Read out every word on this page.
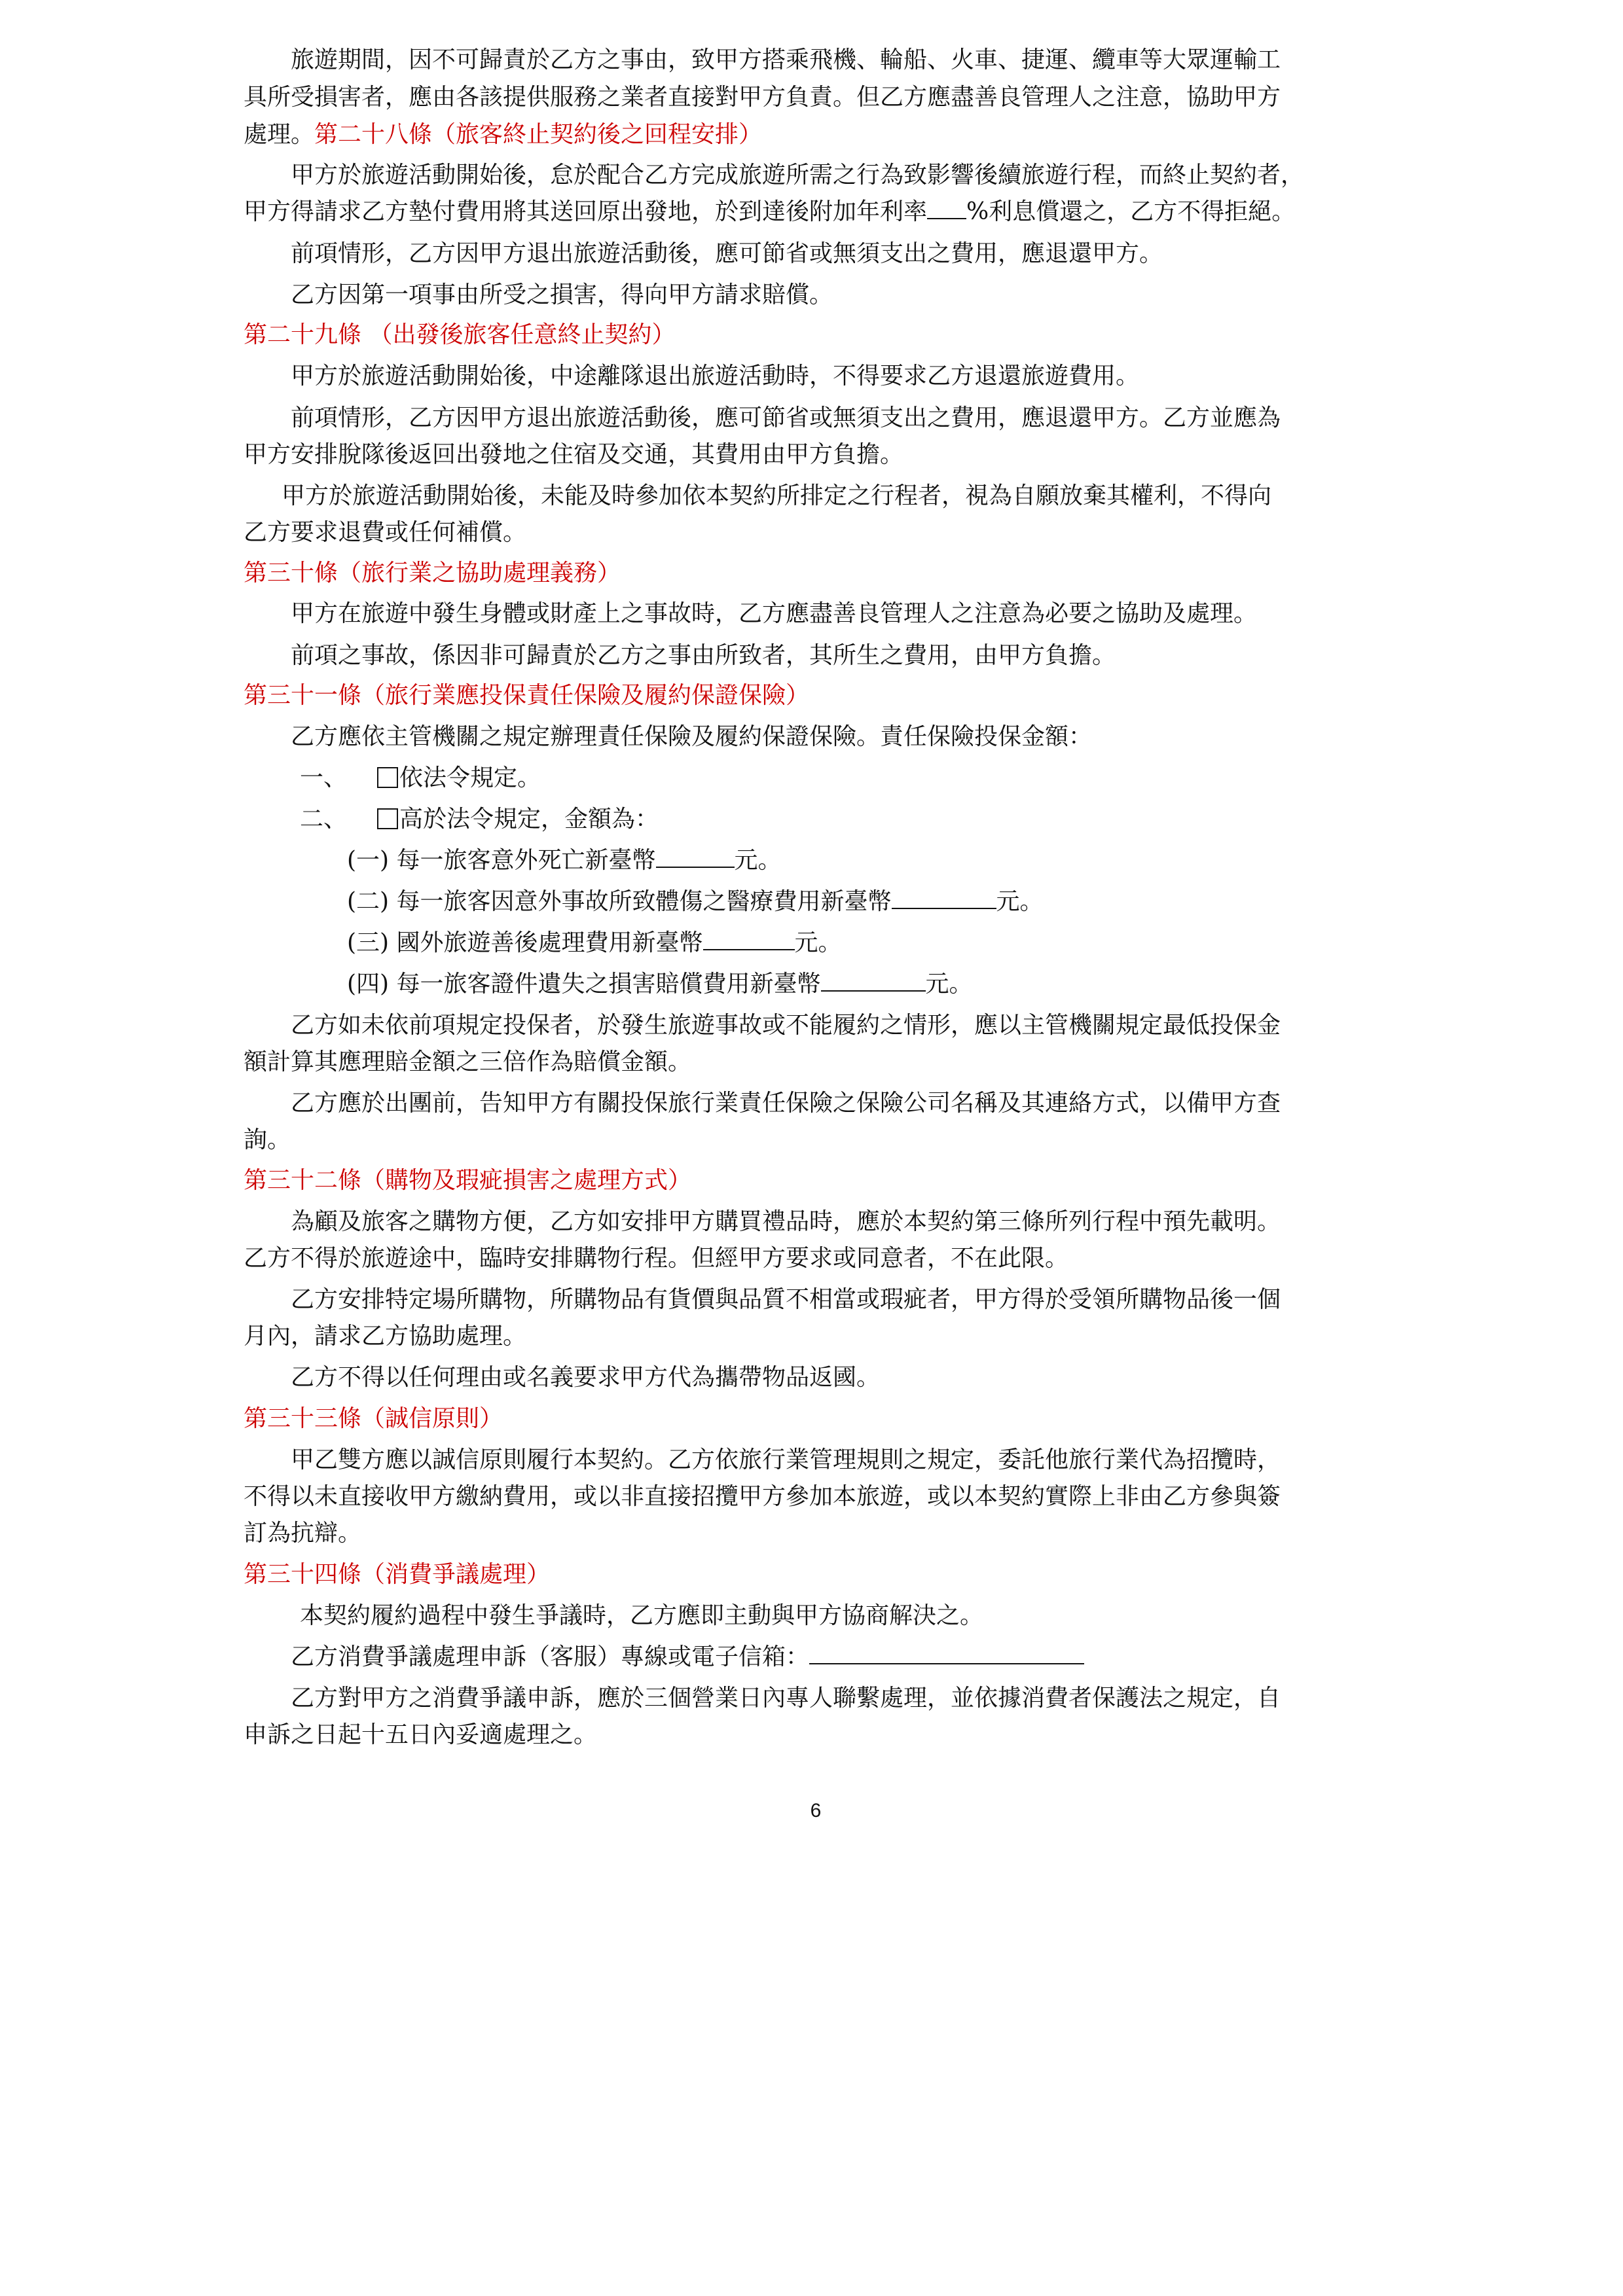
旅遊期間，因不可歸責於乙方之事由，致甲方搭乘飛機、輪船、火車、捷運、纜車等大眾運輸工
具所受損害者，應由各該提供服務之業者直接對甲方負責。但乙方應盡善良管理人之注意，協助甲方
處理。第二十八條（旅客終止契約後之回程安排）
甲方於旅遊活動開始後，怠於配合乙方完成旅遊所需之行為致影響後續旅遊行程，而終止契約者，
甲方得請求乙方墊付費用將其送回原出發地，於到達後附加年利率 %利息償還之，乙方不得拒絕。
前項情形，乙方因甲方退出旅遊活動後，應可節省或無須支出之費用，應退還甲方。
乙方因第一項事由所受之損害，得向甲方請求賠償。
第二十九條 （出發後旅客任意終止契約）
甲方於旅遊活動開始後，中途離隊退出旅遊活動時，不得要求乙方退還旅遊費用。
前項情形，乙方因甲方退出旅遊活動後，應可節省或無須支出之費用，應退還甲方。乙方並應為
甲方安排脫隊後返回出發地之住宿及交通，其費用由甲方負擔。
甲方於旅遊活動開始後，未能及時參加依本契約所排定之行程者，視為自願放棄其權利，不得向
乙方要求退費或任何補償。
第三十條（旅行業之協助處理義務）
甲方在旅遊中發生身體或財產上之事故時，乙方應盡善良管理人之注意為必要之協助及處理。
前項之事故，係因非可歸責於乙方之事由所致者，其所生之費用，由甲方負擔。
第三十一條（旅行業應投保責任保險及履約保證保險）
乙方應依主管機關之規定辦理責任保險及履約保證保險。責任保險投保金額：
一、 依法令規定。
二、 高於法令規定，金額為：
(一) 每一旅客意外死亡新臺幣	元。
(二) 每一旅客因意外事故所致體傷之醫療費用新臺幣	元。
(三) 國外旅遊善後處理費用新臺幣	元。
(四) 每一旅客證件遺失之損害賠償費用新臺幣	元。
乙方如未依前項規定投保者，於發生旅遊事故或不能履約之情形，應以主管機關規定最低投保金
額計算其應理賠金額之三倍作為賠償金額。
乙方應於出團前，告知甲方有關投保旅行業責任保險之保險公司名稱及其連絡方式，以備甲方查
詢。
第三十二條（購物及瑕疵損害之處理方式）
為顧及旅客之購物方便，乙方如安排甲方購買禮品時，應於本契約第三條所列行程中預先載明。
乙方不得於旅遊途中，臨時安排購物行程。但經甲方要求或同意者，不在此限。
乙方安排特定場所購物，所購物品有貨價與品質不相當或瑕疵者，甲方得於受領所購物品後一個
月內，請求乙方協助處理。
乙方不得以任何理由或名義要求甲方代為攜帶物品返國。
第三十三條（誠信原則）
甲乙雙方應以誠信原則履行本契約。乙方依旅行業管理規則之規定，委託他旅行業代為招攬時，
不得以未直接收甲方繳納費用，或以非直接招攬甲方參加本旅遊，或以本契約實際上非由乙方參與簽
訂為抗辯。
第三十四條（消費爭議處理）
本契約履約過程中發生爭議時，乙方應即主動與甲方協商解決之。
乙方消費爭議處理申訴（客服）專線或電子信箱：
乙方對甲方之消費爭議申訴，應於三個營業日內專人聯繫處理，並依據消費者保護法之規定，自
申訴之日起十五日內妥適處理之。
6
